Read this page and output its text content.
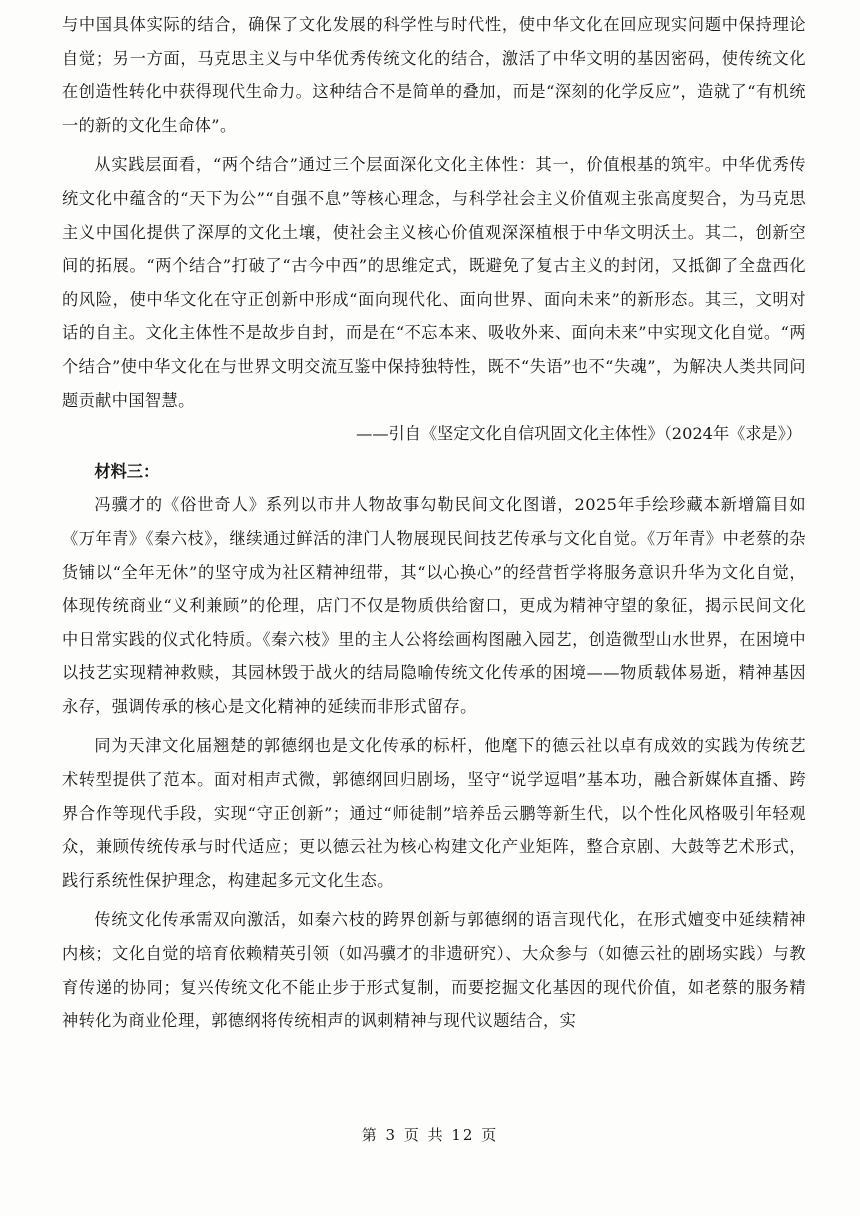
与中国具体实际的结合，确保了文化发展的科学性与时代性，使中华文化在回应现实问题中保持理论自觉；另一方面，马克思主义与中华优秀传统文化的结合，激活了中华文明的基因密码，使传统文化在创造性转化中获得现代生命力。这种结合不是简单的叠加，而是“深刻的化学反应”，造就了“有机统一的新的文化生命体”。

从实践层面看，“两个结合”通过三个层面深化文化主体性：其一，价值根基的筑牢。中华优秀传统文化中蕴含的“天下为公”“自强不息”等核心理念，与科学社会主义价值观主张高度契合，为马克思主义中国化提供了深厚的文化土壤，使社会主义核心价值观深深植根于中华文明沃土。其二，创新空间的拓展。“两个结合”打破了“古今中西”的思维定式，既避免了复古主义的封闭，又抵御了全盘西化的风险，使中华文化在守正创新中形成“面向现代化、面向世界、面向未来”的新形态。其三，文明对话的自主。文化主体性不是故步自封，而是在“不忘本来、吸收外来、面向未来”中实现文化自觉。“两个结合”使中华文化在与世界文明交流互鉴中保持独特性，既不“失语”也不“失魂”，为解决人类共同问题贡献中国智慧。

——引自《坚定文化自信巩固文化主体性》（2024年《求是》）

材料三：

冯骥才的《俗世奇人》系列以市井人物故事勾勒民间文化图谱，2025年手绘珍藏本新增篇目如《万年青》《秦六枝》，继续通过鲜活的津门人物展现民间技艺传承与文化自觉。《万年青》中老蔡的杂货铺以“全年无休”的坚守成为社区精神纽带，其“以心换心”的经营哲学将服务意识升华为文化自觉，体现传统商业“义利兼顾”的伦理，店门不仅是物质供给窗口，更成为精神守望的象征，揭示民间文化中日常实践的仪式化特质。《秦六枝》里的主人公将绘画构图融入园艺，创造微型山水世界，在困境中以技艺实现精神救赎，其园林毁于战火的结局隐喻传统文化传承的困境——物质载体易逝，精神基因永存，强调传承的核心是文化精神的延续而非形式留存。

同为天津文化届翘楚的郭德纲也是文化传承的标杆，他麾下的德云社以卓有成效的实践为传统艺术转型提供了范本。面对相声式微，郭德纲回归剧场，坚守“说学逗唱”基本功，融合新媒体直播、跨界合作等现代手段，实现“守正创新”；通过“师徒制”培养岳云鹏等新生代，以个性化风格吸引年轻观众，兼顾传统传承与时代适应；更以德云社为核心构建文化产业矩阵，整合京剧、大鼓等艺术形式，践行系统性保护理念，构建起多元文化生态。

传统文化传承需双向激活，如秦六枝的跨界创新与郭德纲的语言现代化，在形式嬗变中延续精神内核；文化自觉的培育依赖精英引领（如冯骥才的非遗研究）、大众参与（如德云社的剧场实践）与教育传递的协同；复兴传统文化不能止步于形式复制，而要挖掘文化基因的现代价值，如老蔡的服务精神转化为商业伦理，郭德纲将传统相声的讽刺精神与现代议题结合，实

第 3 页 共 12 页
